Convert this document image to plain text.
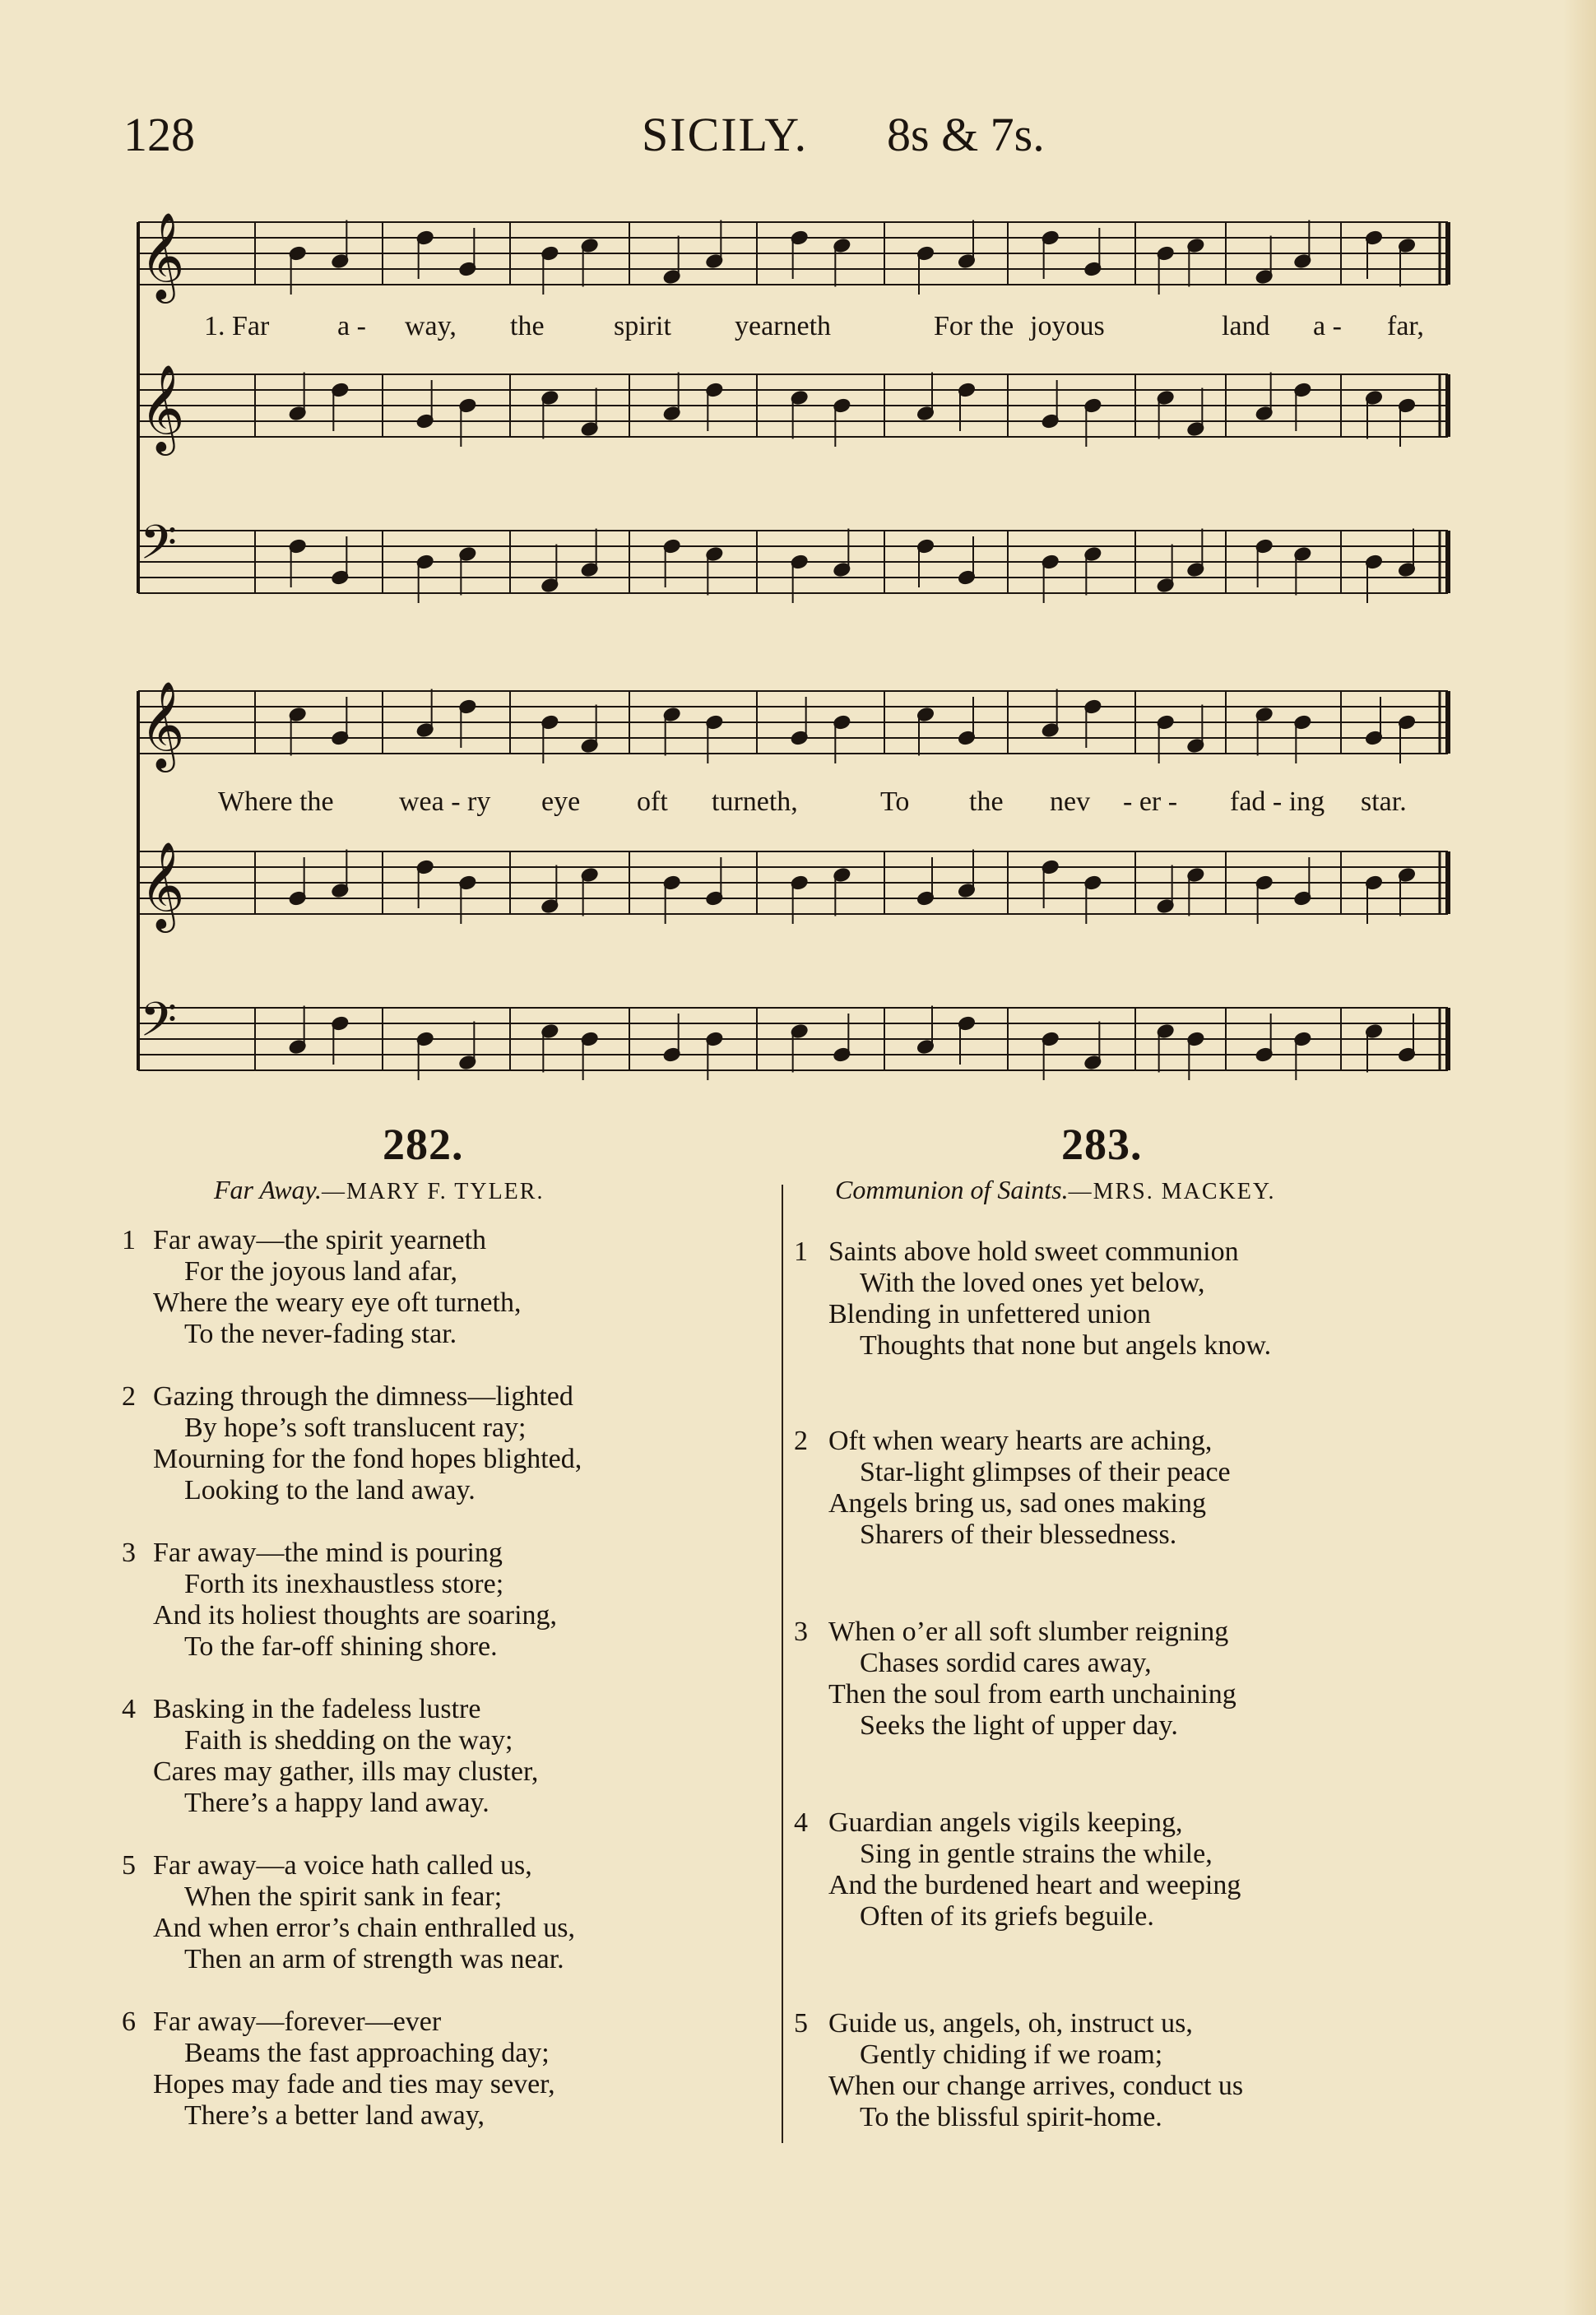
128	SICILY. 8s & 7s.
𝄞
𝄞
𝄢
1. Far a - way, the spirit yearneth	For the joyous	land a - far,
𝄞
𝄞
𝄢
Where the wea - ry eye oft turneth,	To the nev - er - fad - ing star.
282.
Far Away.—MARY F. TYLER.
1 Far away—the spirit yearneth
For the joyous land afar,
Where the weary eye oft turneth,
To the never-fading star.
2 Gazing through the dimness—lighted
By hope’s soft translucent ray;
Mourning for the fond hopes blighted,
Looking to the land away.
3 Far away—the mind is pouring
Forth its inexhaustless store;
And its holiest thoughts are soaring,
To the far-off shining shore.
4 Basking in the fadeless lustre
Faith is shedding on the way;
Cares may gather, ills may cluster,
There’s a happy land away.
5 Far away—a voice hath called us,
When the spirit sank in fear;
And when error’s chain enthralled us,
Then an arm of strength was near.
6 Far away—forever—ever
Beams the fast approaching day;
Hopes may fade and ties may sever,
There’s a better land away,
283.
Communion of Saints.—MRS. MACKEY.
1 Saints above hold sweet communion
With the loved ones yet below,
Blending in unfettered union
Thoughts that none but angels know.
2 Oft when weary hearts are aching,
Star-light glimpses of their peace
Angels bring us, sad ones making
Sharers of their blessedness.
3 When o’er all soft slumber reigning
Chases sordid cares away,
Then the soul from earth unchaining
Seeks the light of upper day.
4 Guardian angels vigils keeping,
Sing in gentle strains the while,
And the burdened heart and weeping
Often of its griefs beguile.
5 Guide us, angels, oh, instruct us,
Gently chiding if we roam;
When our change arrives, conduct us
To the blissful spirit-home.
